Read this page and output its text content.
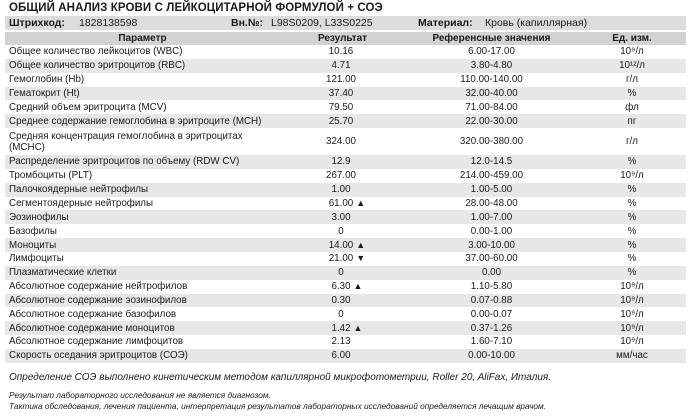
ОБЩИЙ АНАЛИЗ КРОВИ С ЛЕЙКОЦИТАРНОЙ ФОРМУЛОЙ + СОЭ
Штрихкод: 1828138598	Вн.№: L98S0209, L33S0225	Материал: Кровь (капиллярная)
Параметр	Результат	Референсные значения	Ед. изм.
Общее количество лейкоцитов (WBC)	10.16	6.00-17.00	10⁹/л
Общее количество эритроцитов (RBC)	4.71	3.80-4.80	10¹²/л
Гемоглобин (Hb)	121.00	110.00-140.00	г/л
Гематокрит (Ht)	37.40	32.00-40.00	%
Средний объем эритроцита (MCV)	79.50	71.00-84.00	фл
Среднее содержание гемоглобина в эритроците (MCH)	25.70	22.00-30.00	пг
Средняя концентрация гемоглобина в эритроцитах (MCHC)	324.00	320.00-380.00	г/л
Распределение эритроцитов по объему (RDW CV)	12.9	12.0-14.5	%
Тромбоциты (PLT)	267.00	214.00-459.00	10⁹/л
Палочкоядерные нейтрофилы	1.00	1.00-5.00	%
Сегментоядерные нейтрофилы	61.00 ▲	28.00-48.00	%
Эозинофилы	3.00	1.00-7.00	%
Базофилы	0	0.00-1.00	%
Моноциты	14.00 ▲	3.00-10.00	%
Лимфоциты	21.00 ▼	37.00-60.00	%
Плазматические клетки	0	0.00	%
Абсолютное содержание нейтрофилов	6.30 ▲	1.10-5.80	10⁹/л
Абсолютное содержание эозинофилов	0.30	0.07-0.88	10⁹/л
Абсолютное содержание базофилов	0	0.00-0.07	10⁹/л
Абсолютное содержание моноцитов	1.42 ▲	0.37-1.26	10⁹/л
Абсолютное содержание лимфоцитов	2.13	1.60-7.10	10⁹/л
Скорость оседания эритроцитов (СОЭ)	6.00	0.00-10.00	мм/час
Определение СОЭ выполнено кинетическим методом капиллярной микрофотометрии, Roller 20, AliFax, Италия.
Результат лабораторного исследования не является диагнозом.
Тактика обследования, лечения пациента, интерпретация результатов лабораторных исследований определяется лечащим врачом.
